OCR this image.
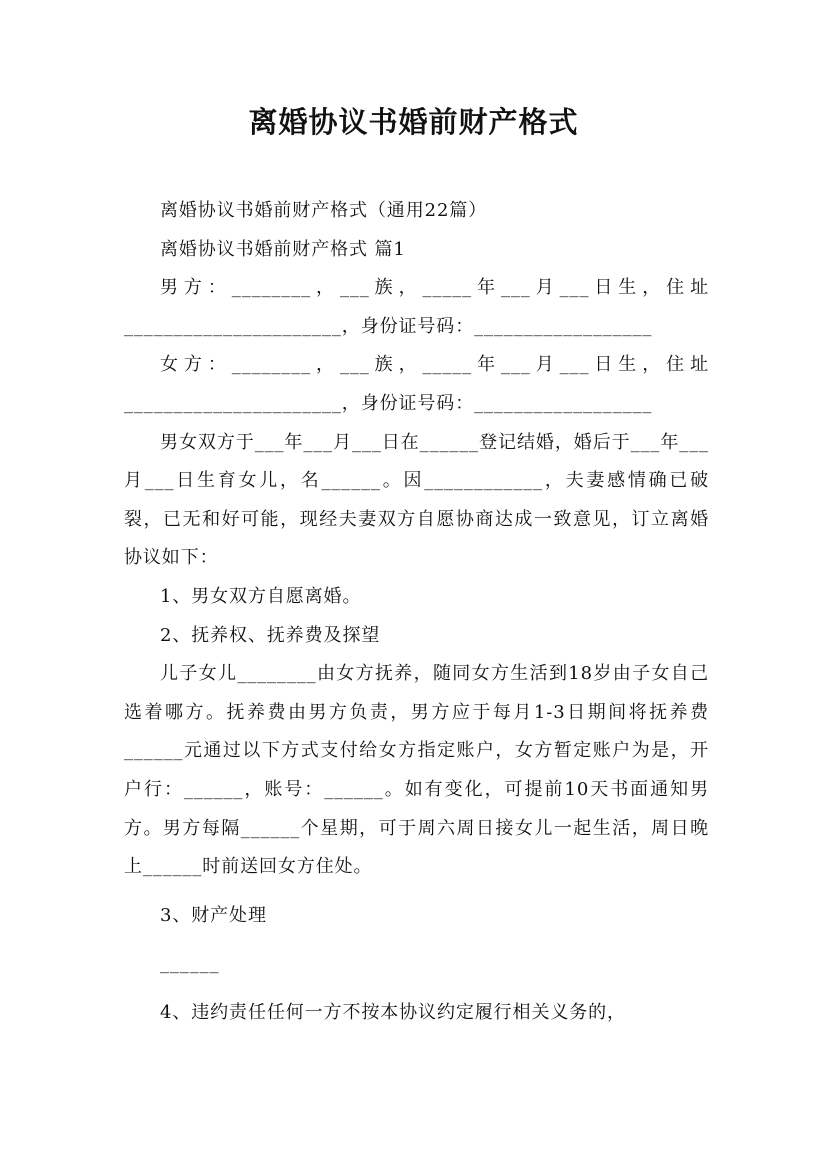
离婚协议书婚前财产格式

离婚协议书婚前财产格式（通用22篇）

离婚协议书婚前财产格式 篇1

男方：________，___族，_____年___月___日生，住址______________________，身份证号码：__________________

女方：________，___族，_____年___月___日生，住址______________________，身份证号码：__________________

男女双方于___年___月___日在______登记结婚，婚后于___年___月___日生育女儿，名______。因____________，夫妻感情确已破裂，已无和好可能，现经夫妻双方自愿协商达成一致意见，订立离婚协议如下：

1、男女双方自愿离婚。

2、抚养权、抚养费及探望

儿子女儿________由女方抚养，随同女方生活到18岁由子女自己选着哪方。抚养费由男方负责，男方应于每月1-3日期间将抚养费______元通过以下方式支付给女方指定账户，女方暂定账户为是，开户行：______，账号：______。如有变化，可提前10天书面通知男方。男方每隔______个星期，可于周六周日接女儿一起生活，周日晚上______时前送回女方住处。

3、财产处理

______

4、违约责任任何一方不按本协议约定履行相关义务的，
